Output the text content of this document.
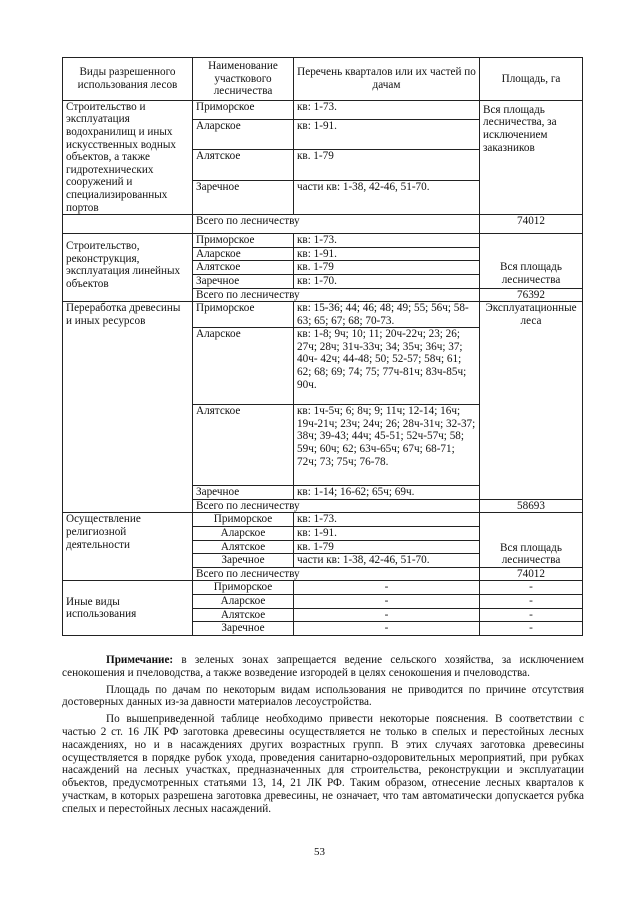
Виды разрешенного использования лесов	Наименование участкового лесничества	Перечень кварталов или их частей по дачам	Площадь, га
Строительство и эксплуатация водохранилищ и иных искусственных водных объектов, а также гидротехнических сооружений и специализированных портов	Приморское	кв: 1-73.	Вся площадь лесничества, за исключением заказников
	Аларское	кв: 1-91.	
	Алятское	кв. 1-79	
	Заречное	части кв: 1-38, 42-46, 51-70.	
	Всего по лесничеству		74012
Строительство, реконструкция, эксплуатация линейных объектов	Приморское	кв: 1-73.	Вся площадь лесничества
	Аларское	кв: 1-91.	
	Алятское	кв. 1-79	
	Заречное	кв: 1-70.	
	Всего по лесничеству		76392
Переработка древесины и иных ресурсов	Приморское	кв: 15-36; 44; 46; 48; 49; 55; 56ч; 58-63; 65; 67; 68; 70-73.	Эксплуатационные леса
	Аларское	кв: 1-8; 9ч; 10; 11; 20ч-22ч; 23; 26; 27ч; 28ч; 31ч-33ч; 34; 35ч; 36ч; 37; 40ч- 42ч; 44-48; 50; 52-57; 58ч; 61; 62; 68; 69; 74; 75; 77ч-81ч; 83ч-85ч; 90ч.	
	Алятское	кв: 1ч-5ч; 6; 8ч; 9; 11ч; 12-14; 16ч; 19ч-21ч; 23ч; 24ч; 26; 28ч-31ч; 32-37; 38ч; 39-43; 44ч; 45-51; 52ч-57ч; 58; 59ч; 60ч; 62; 63ч-65ч; 67ч; 68-71; 72ч; 73; 75ч; 76-78.	
	Заречное	кв: 1-14; 16-62; 65ч; 69ч.	
	Всего по лесничеству		58693
Осуществление религиозной деятельности	Приморское	кв: 1-73.	Вся площадь лесничества
	Аларское	кв: 1-91.	
	Алятское	кв. 1-79	
	Заречное	части кв: 1-38, 42-46, 51-70.	
	Всего по лесничеству		74012
Иные виды использования	Приморское	-	-
	Аларское	-	-
	Алятское	-	-
	Заречное	-	-

Примечание: в зеленых зонах запрещается ведение сельского хозяйства, за исключением сенокошения и пчеловодства, а также возведение изгородей в целях сенокошения и пчеловодства.

Площадь по дачам по некоторым видам использования не приводится по причине отсутствия достоверных данных из-за давности материалов лесоустройства.

По вышеприведенной таблице необходимо привести некоторые пояснения. В соответствии с частью 2 ст. 16 ЛК РФ заготовка древесины осуществляется не только в спелых и перестойных лесных насаждениях, но и в насаждениях других возрастных групп. В этих случаях заготовка древесины осуществляется в порядке рубок ухода, проведения санитарно-оздоровительных мероприятий, при рубках насаждений на лесных участках, предназначенных для строительства, реконструкции и эксплуатации объектов, предусмотренных статьями 13, 14, 21 ЛК РФ. Таким образом, отнесение лесных кварталов к участкам, в которых разрешена заготовка древесины, не означает, что там автоматически допускается рубка спелых и перестойных лесных насаждений.

53
